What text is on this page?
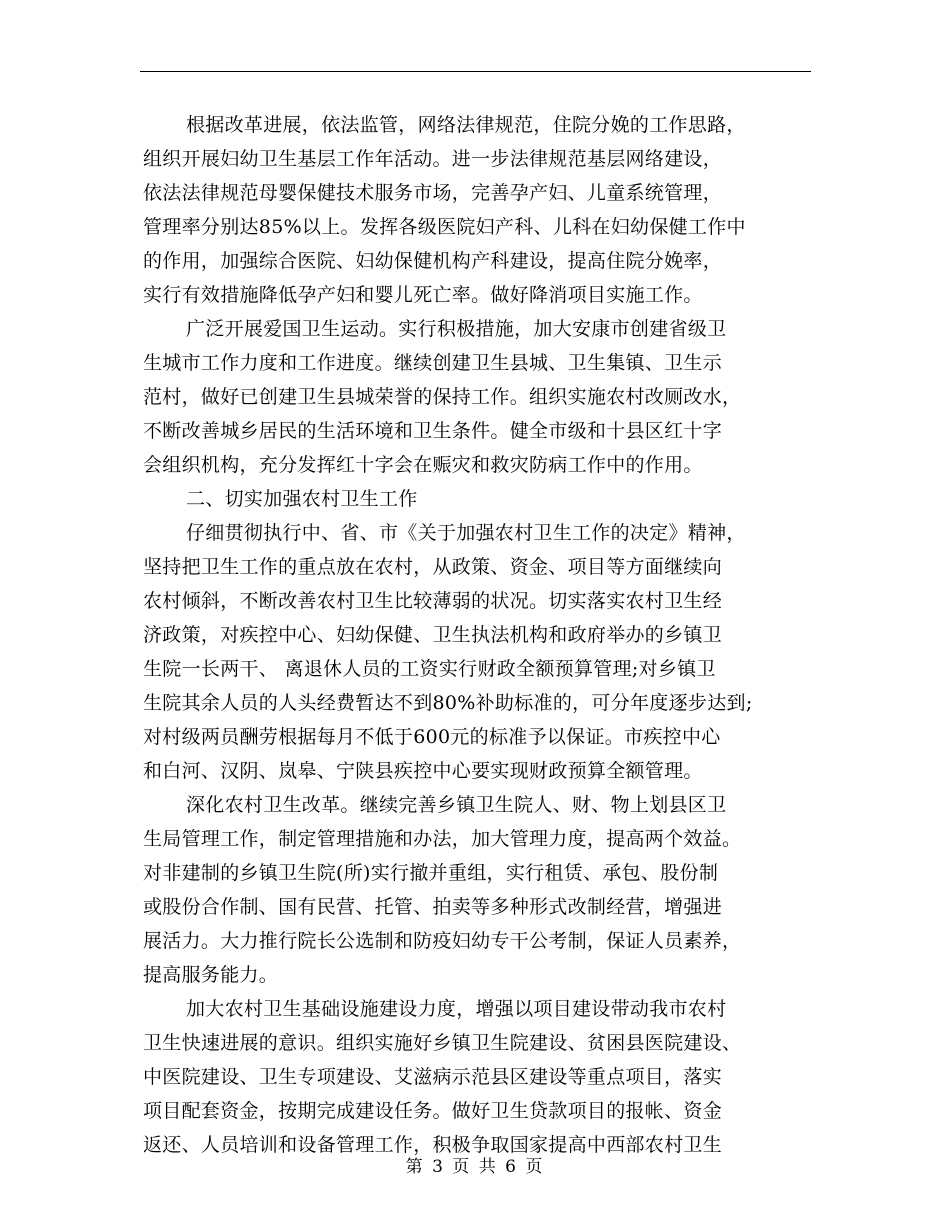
根据改革进展，依法监管，网络法律规范，住院分娩的工作思路，
组织开展妇幼卫生基层工作年活动。进一步法律规范基层网络建设，
依法法律规范母婴保健技术服务市场，完善孕产妇、儿童系统管理，
管理率分别达85%以上。发挥各级医院妇产科、儿科在妇幼保健工作中
的作用，加强综合医院、妇幼保健机构产科建设，提高住院分娩率，
实行有效措施降低孕产妇和婴儿死亡率。做好降消项目实施工作。
广泛开展爱国卫生运动。实行积极措施，加大安康市创建省级卫
生城市工作力度和工作进度。继续创建卫生县城、卫生集镇、卫生示
范村，做好已创建卫生县城荣誉的保持工作。组织实施农村改厕改水，
不断改善城乡居民的生活环境和卫生条件。健全市级和十县区红十字
会组织机构，充分发挥红十字会在赈灾和救灾防病工作中的作用。
二、切实加强农村卫生工作
仔细贯彻执行中、省、市《关于加强农村卫生工作的决定》精神，
坚持把卫生工作的重点放在农村，从政策、资金、项目等方面继续向
农村倾斜，不断改善农村卫生比较薄弱的状况。切实落实农村卫生经
济政策，对疾控中心、妇幼保健、卫生执法机构和政府举办的乡镇卫
生院一长两干、 离退休人员的工资实行财政全额预算管理;对乡镇卫
生院其余人员的人头经费暂达不到80%补助标准的，可分年度逐步达到;
对村级两员酬劳根据每月不低于600元的标准予以保证。市疾控中心
和白河、汉阴、岚皋、宁陕县疾控中心要实现财政预算全额管理。
深化农村卫生改革。继续完善乡镇卫生院人、财、物上划县区卫
生局管理工作，制定管理措施和办法，加大管理力度，提高两个效益。
对非建制的乡镇卫生院(所)实行撤并重组，实行租赁、承包、股份制
或股份合作制、国有民营、托管、拍卖等多种形式改制经营，增强进
展活力。大力推行院长公选制和防疫妇幼专干公考制，保证人员素养，
提高服务能力。
加大农村卫生基础设施建设力度，增强以项目建设带动我市农村
卫生快速进展的意识。组织实施好乡镇卫生院建设、贫困县医院建设、
中医院建设、卫生专项建设、艾滋病示范县区建设等重点项目，落实
项目配套资金，按期完成建设任务。做好卫生贷款项目的报帐、资金
返还、人员培训和设备管理工作，积极争取国家提高中西部农村卫生
第 3 页 共 6 页
